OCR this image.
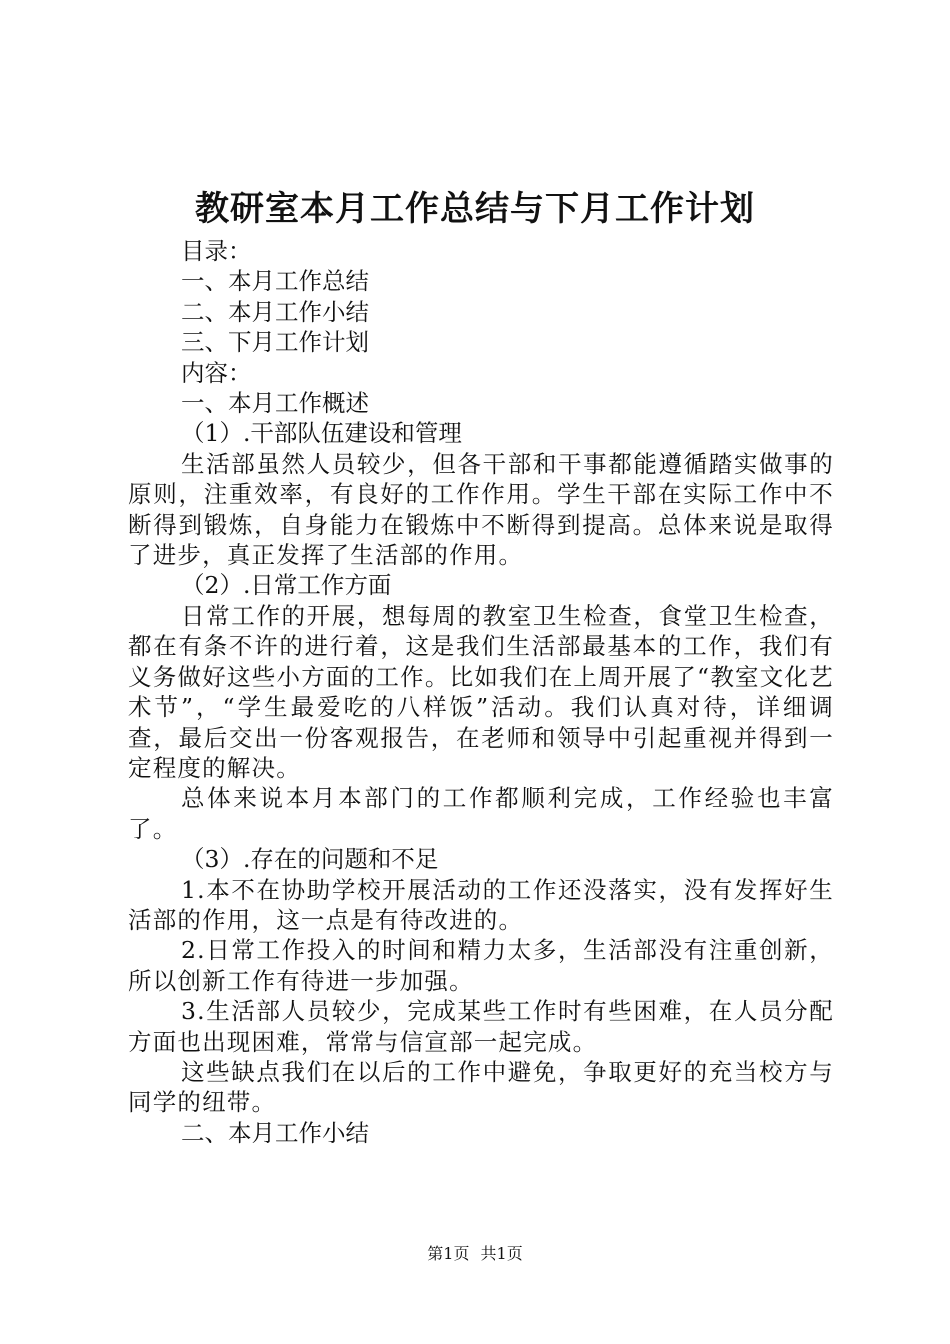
教研室本月工作总结与下月工作计划

目录：

一、本月工作总结

二、本月工作小结

三、下月工作计划

内容：

一、本月工作概述

（1）.干部队伍建设和管理

生活部虽然人员较少，但各干部和干事都能遵循踏实做事的原则，注重效率，有良好的工作作用。学生干部在实际工作中不断得到锻炼，自身能力在锻炼中不断得到提高。总体来说是取得了进步，真正发挥了生活部的作用。

（2）.日常工作方面

日常工作的开展，想每周的教室卫生检查，食堂卫生检查，都在有条不许的进行着，这是我们生活部最基本的工作，我们有义务做好这些小方面的工作。比如我们在上周开展了“教室文化艺术节”，“学生最爱吃的八样饭”活动。我们认真对待，详细调查，最后交出一份客观报告，在老师和领导中引起重视并得到一定程度的解决。

总体来说本月本部门的工作都顺利完成，工作经验也丰富了。

（3）.存在的问题和不足

1.本不在协助学校开展活动的工作还没落实，没有发挥好生活部的作用，这一点是有待改进的。

2.日常工作投入的时间和精力太多，生活部没有注重创新，所以创新工作有待进一步加强。

3.生活部人员较少，完成某些工作时有些困难，在人员分配方面也出现困难，常常与信宣部一起完成。

这些缺点我们在以后的工作中避免，争取更好的充当校方与同学的纽带。

二、本月工作小结

第1页 共1页
